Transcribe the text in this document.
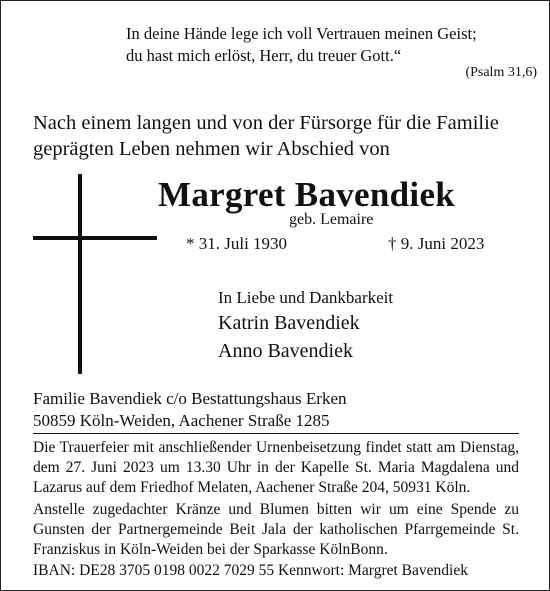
In deine Hände lege ich voll Vertrauen meinen Geist;
du hast mich erlöst, Herr, du treuer Gott.“
(Psalm 31,6)
Nach einem langen und von der Fürsorge für die Familie
geprägten Leben nehmen wir Abschied von
Margret Bavendiek
geb. Lemaire
* 31. Juli 1930	† 9. Juni 2023
In Liebe und Dankbarkeit
Katrin Bavendiek
Anno Bavendiek
Familie Bavendiek c/o Bestattungshaus Erken
50859 Köln-Weiden, Aachener Straße 1285
Die Trauerfeier mit anschließender Urnenbeisetzung findet statt am Dienstag, dem 27. Juni 2023 um 13.30 Uhr in der Kapelle St. Maria Magdalena und Lazarus auf dem Friedhof Melaten, Aachener Straße 204, 50931 Köln.
Anstelle zugedachter Kränze und Blumen bitten wir um eine Spende zu Gunsten der Partnergemeinde Beit Jala der katholischen Pfarrgemeinde St. Franziskus in Köln-Weiden bei der Sparkasse KölnBonn.
IBAN: DE28 3705 0198 0022 7029 55 Kennwort: Margret Bavendiek
